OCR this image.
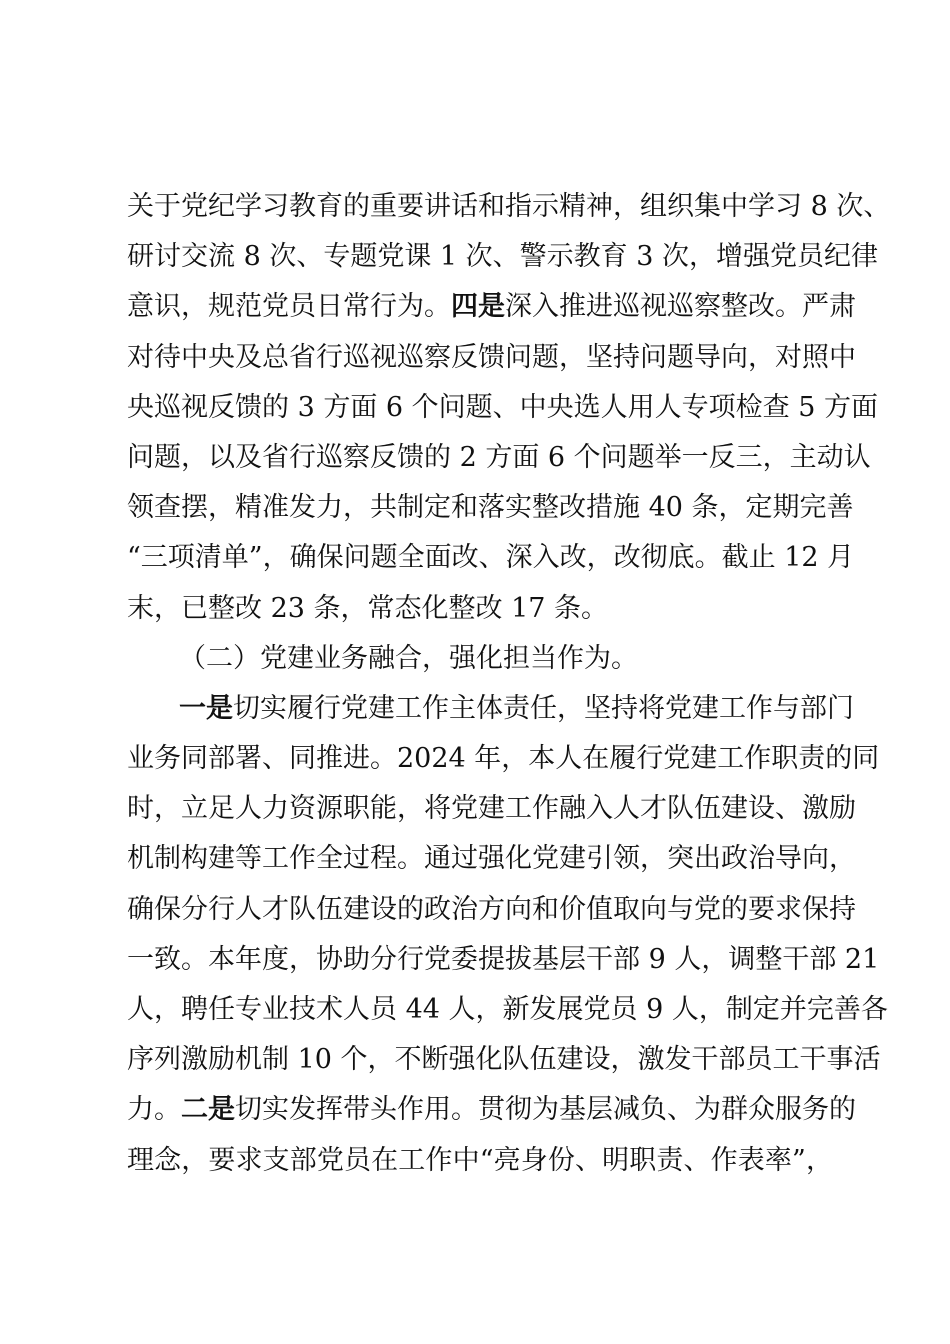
关于党纪学习教育的重要讲话和指示精神，组织集中学习 8 次、
研讨交流 8 次、专题党课 1 次、警示教育 3 次，增强党员纪律
意识，规范党员日常行为。四是深入推进巡视巡察整改。严肃
对待中央及总省行巡视巡察反馈问题，坚持问题导向，对照中
央巡视反馈的 3 方面 6 个问题、中央选人用人专项检查 5 方面
问题，以及省行巡察反馈的 2 方面 6 个问题举一反三，主动认
领查摆，精准发力，共制定和落实整改措施 40 条，定期完善
“三项清单”，确保问题全面改、深入改，改彻底。截止 12 月
末，已整改 23 条，常态化整改 17 条。
（二）党建业务融合，强化担当作为。
一是切实履行党建工作主体责任，坚持将党建工作与部门
业务同部署、同推进。2024 年，本人在履行党建工作职责的同
时，立足人力资源职能，将党建工作融入人才队伍建设、激励
机制构建等工作全过程。通过强化党建引领，突出政治导向，
确保分行人才队伍建设的政治方向和价值取向与党的要求保持
一致。本年度，协助分行党委提拔基层干部 9 人，调整干部 21
人，聘任专业技术人员 44 人，新发展党员 9 人，制定并完善各
序列激励机制 10 个，不断强化队伍建设，激发干部员工干事活
力。二是切实发挥带头作用。贯彻为基层减负、为群众服务的
理念，要求支部党员在工作中“亮身份、明职责、作表率”，
